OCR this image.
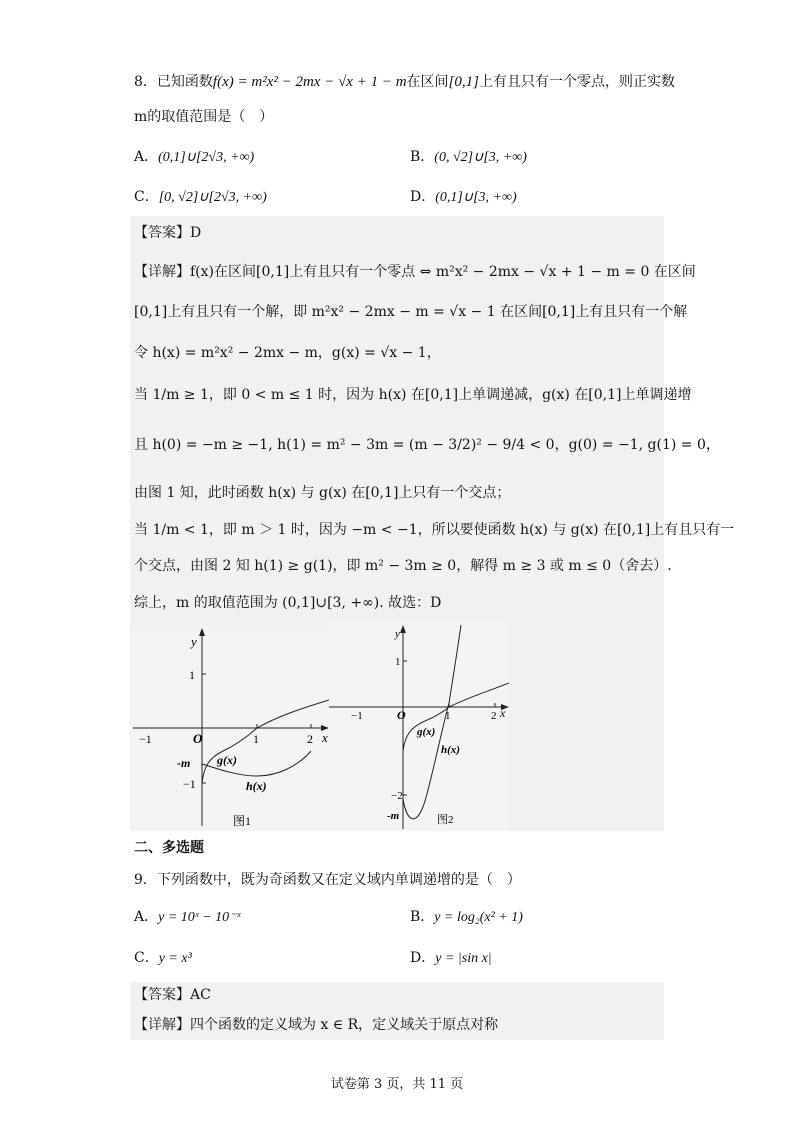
8．已知函数f(x) = m²x² − 2mx − √x + 1 − m在区间[0,1]上有且只有一个零点，则正实数
m的取值范围是（　）
A．(0,1]∪[2√3, +∞)	B．(0, √2]∪[3, +∞)
C．[0, √2]∪[2√3, +∞)	D．(0,1]∪[3, +∞)
【答案】D
【详解】f(x)在区间[0,1]上有且只有一个零点 ⇔ m²x² − 2mx − √x + 1 − m = 0 在区间
[0,1]上有且只有一个解，即 m²x² − 2mx − m = √x − 1 在区间[0,1]上有且只有一个解
令 h(x) = m²x² − 2mx − m，g(x) = √x − 1，
当 1/m ≥ 1，即 0 < m ≤ 1 时，因为 h(x) 在[0,1]上单调递减，g(x) 在[0,1]上单调递增
且 h(0) = −m ≥ −1, h(1) = m² − 3m = (m − 3/2)² − 9/4 < 0，g(0) = −1, g(1) = 0，
由图 1 知，此时函数 h(x) 与 g(x) 在[0,1]上只有一个交点；
当 1/m < 1，即 m ＞ 1 时，因为 −m < −1，所以要使函数 h(x) 与 g(x) 在[0,1]上有且只有一
个交点，由图 2 知 h(1) ≥ g(1)，即 m² − 3m ≥ 0，解得 m ≥ 3 或 m ≤ 0（舍去）.
综上，m 的取值范围为 (0,1]∪[3, +∞). 故选：D
y
x
O
−1	1	2
1
−1
-m g(x)
h(x)
图1
y
x
O
−1	1	2
1
−2
-m
g(x)
h(x)
图2
二、多选题
9．下列函数中，既为奇函数又在定义域内单调递增的是（　）
A．y = 10ˣ − 10⁻ˣ	B．y = log₂(x² + 1)
C．y = x³	D．y = |sin x|
【答案】AC
【详解】四个函数的定义域为 x ∈ R，定义域关于原点对称
试卷第 3 页，共 11 页
